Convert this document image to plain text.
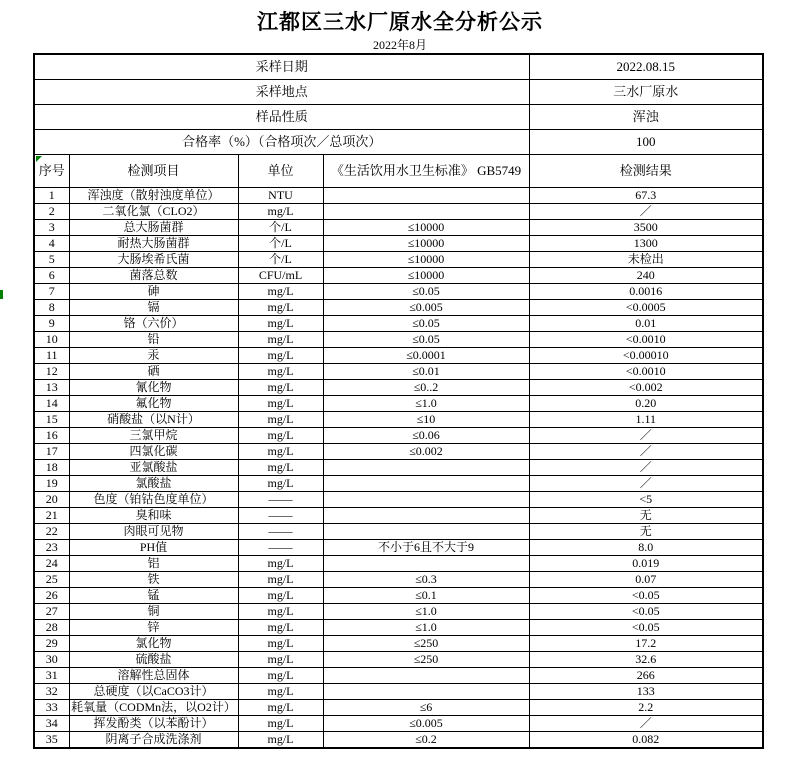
江都区三水厂原水全分析公示
2022年8月
采样日期				2022.08.15
采样地点				三水厂原水
样品性质				浑浊
合格率（%）（合格项次／总项次）				100

序号	检测项目	单位	《生活饮用水卫生标准》 GB5749	检测结果
1	浑浊度（散射浊度单位）	NTU		67.3
2	二氧化氯（CLO2）	mg/L		／
3	总大肠菌群	个/L	≤10000	3500
4	耐热大肠菌群	个/L	≤10000	1300
5	大肠埃希氏菌	个/L	≤10000	未检出
6	菌落总数	CFU/mL	≤10000	240
7	砷	mg/L	≤0.05	0.0016
8	镉	mg/L	≤0.005	<0.0005
9	铬（六价）	mg/L	≤0.05	0.01
10	铅	mg/L	≤0.05	<0.0010
11	汞	mg/L	≤0.0001	<0.00010
12	硒	mg/L	≤0.01	<0.0010
13	氰化物	mg/L	≤0..2	<0.002
14	氟化物	mg/L	≤1.0	0.20
15	硝酸盐（以N计）	mg/L	≤10	1.11
16	三氯甲烷	mg/L	≤0.06	／
17	四氯化碳	mg/L	≤0.002	／
18	亚氯酸盐	mg/L		／
19	氯酸盐	mg/L		／
20	色度（铂钴色度单位）	——		<5
21	臭和味	——		无
22	肉眼可见物	——		无
23	PH值	——	不小于6且不大于9	8.0
24	铝	mg/L		0.019
25	铁	mg/L	≤0.3	0.07
26	锰	mg/L	≤0.1	<0.05
27	铜	mg/L	≤1.0	<0.05
28	锌	mg/L	≤1.0	<0.05
29	氯化物	mg/L	≤250	17.2
30	硫酸盐	mg/L	≤250	32.6
31	溶解性总固体	mg/L		266
32	总硬度（以CaCO3计）	mg/L		133
33	耗氧量（CODMn法，以O2计）	mg/L	≤6	2.2
34	挥发酚类（以苯酚计）	mg/L	≤0.005	／
35	阴离子合成洗涤剂	mg/L	≤0.2	0.082
